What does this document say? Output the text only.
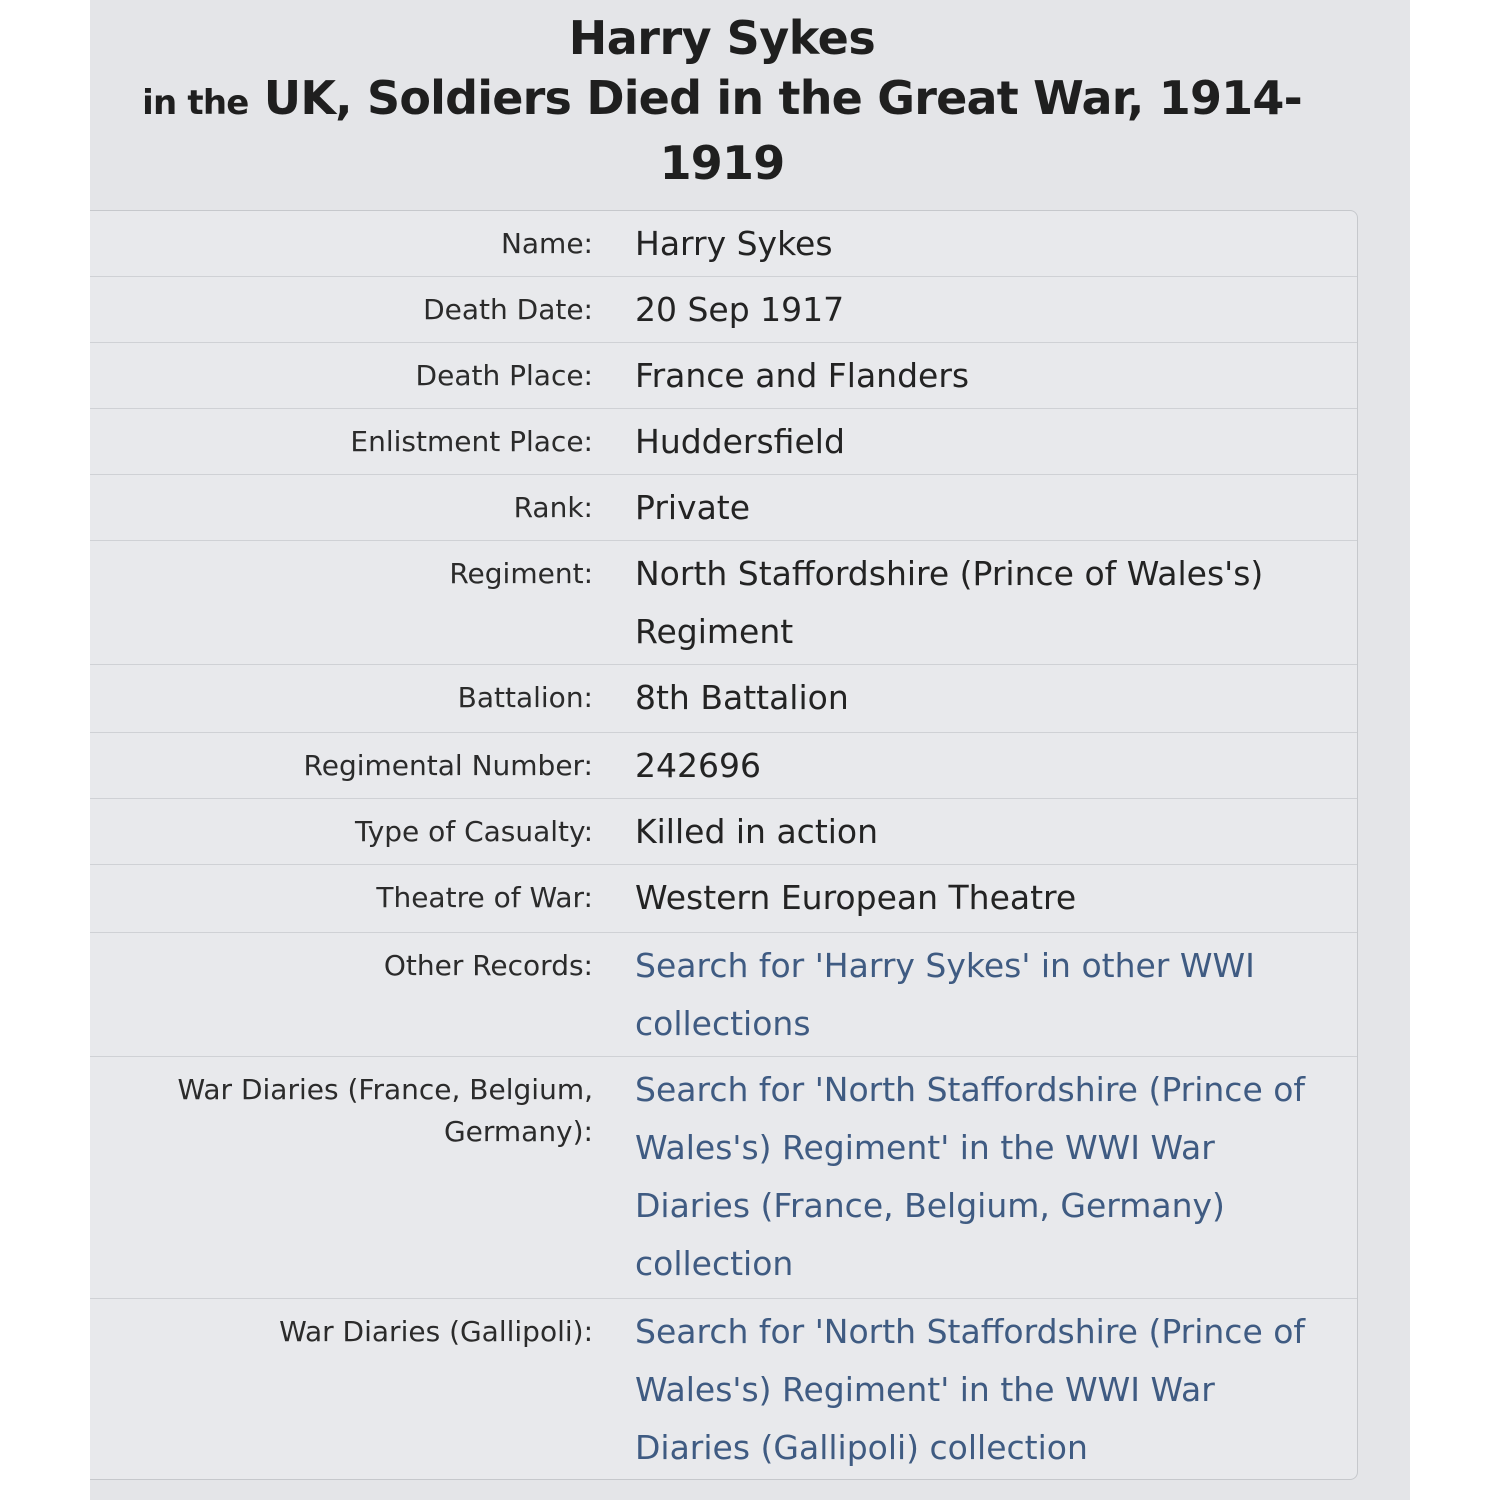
Harry Sykes
in the UK, Soldiers Died in the Great War, 1914-1919
Name:	Harry Sykes
Death Date:	20 Sep 1917
Death Place:	France and Flanders
Enlistment Place:	Huddersfield
Rank:	Private
Regiment:	North Staffordshire (Prince of Wales's) Regiment
Battalion:	8th Battalion
Regimental Number:	242696
Type of Casualty:	Killed in action
Theatre of War:	Western European Theatre
Other Records:	Search for 'Harry Sykes' in other WWI collections
War Diaries (France, Belgium, Germany):
Search for 'North Staffordshire (Prince of Wales's) Regiment' in the WWI War Diaries (France, Belgium, Germany) collection
War Diaries (Gallipoli):	Search for 'North Staffordshire (Prince of Wales's) Regiment' in the WWI War Diaries (Gallipoli) collection
